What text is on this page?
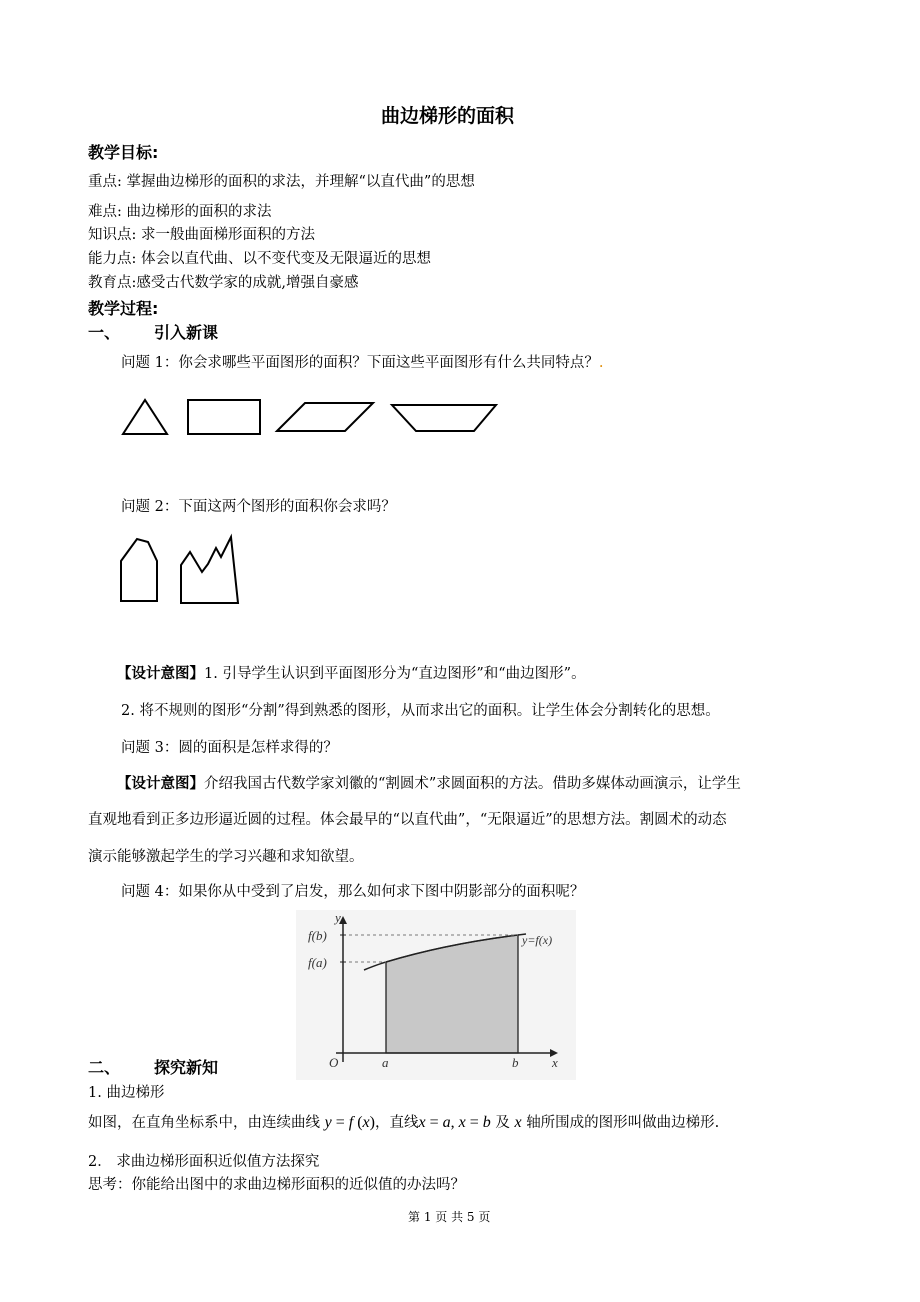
曲边梯形的面积
教学目标:
重点: 掌握曲边梯形的面积的求法，并理解“以直代曲”的思想
难点: 曲边梯形的面积的求法
知识点: 求一般曲面梯形面积的方法
能力点: 体会以直代曲、以不变代变及无限逼近的思想
教育点:感受古代数学家的成就,增强自豪感
教学过程:
一、 引入新课
问题 1：你会求哪些平面图形的面积？下面这些平面图形有什么共同特点？.
问题 2：下面这两个图形的面积你会求吗？
【设计意图】1. 引导学生认识到平面图形分为“直边图形”和“曲边图形”。
2. 将不规则的图形“分割”得到熟悉的图形，从而求出它的面积。让学生体会分割转化的思想。
问题 3：圆的面积是怎样求得的？
【设计意图】介绍我国古代数学家刘徽的“割圆术”求圆面积的方法。借助多媒体动画演示，让学生
直观地看到正多边形逼近圆的过程。体会最早的“以直代曲”，“无限逼近”的思想方法。割圆术的动态
演示能够激起学生的学习兴趣和求知欲望。
问题 4：如果你从中受到了启发，那么如何求下图中阴影部分的面积呢？
y
x
O
f(b)
f(a)
a	b
y=f(x)
二、 探究新知
1. 曲边梯形
如图，在直角坐标系中，由连续曲线 y = f (x)，直线x = a, x = b 及 x 轴所围成的图形叫做曲边梯形.
2． 求曲边梯形面积近似值方法探究
思考：你能给出图中的求曲边梯形面积的近似值的办法吗？
第 1 页 共 5 页
